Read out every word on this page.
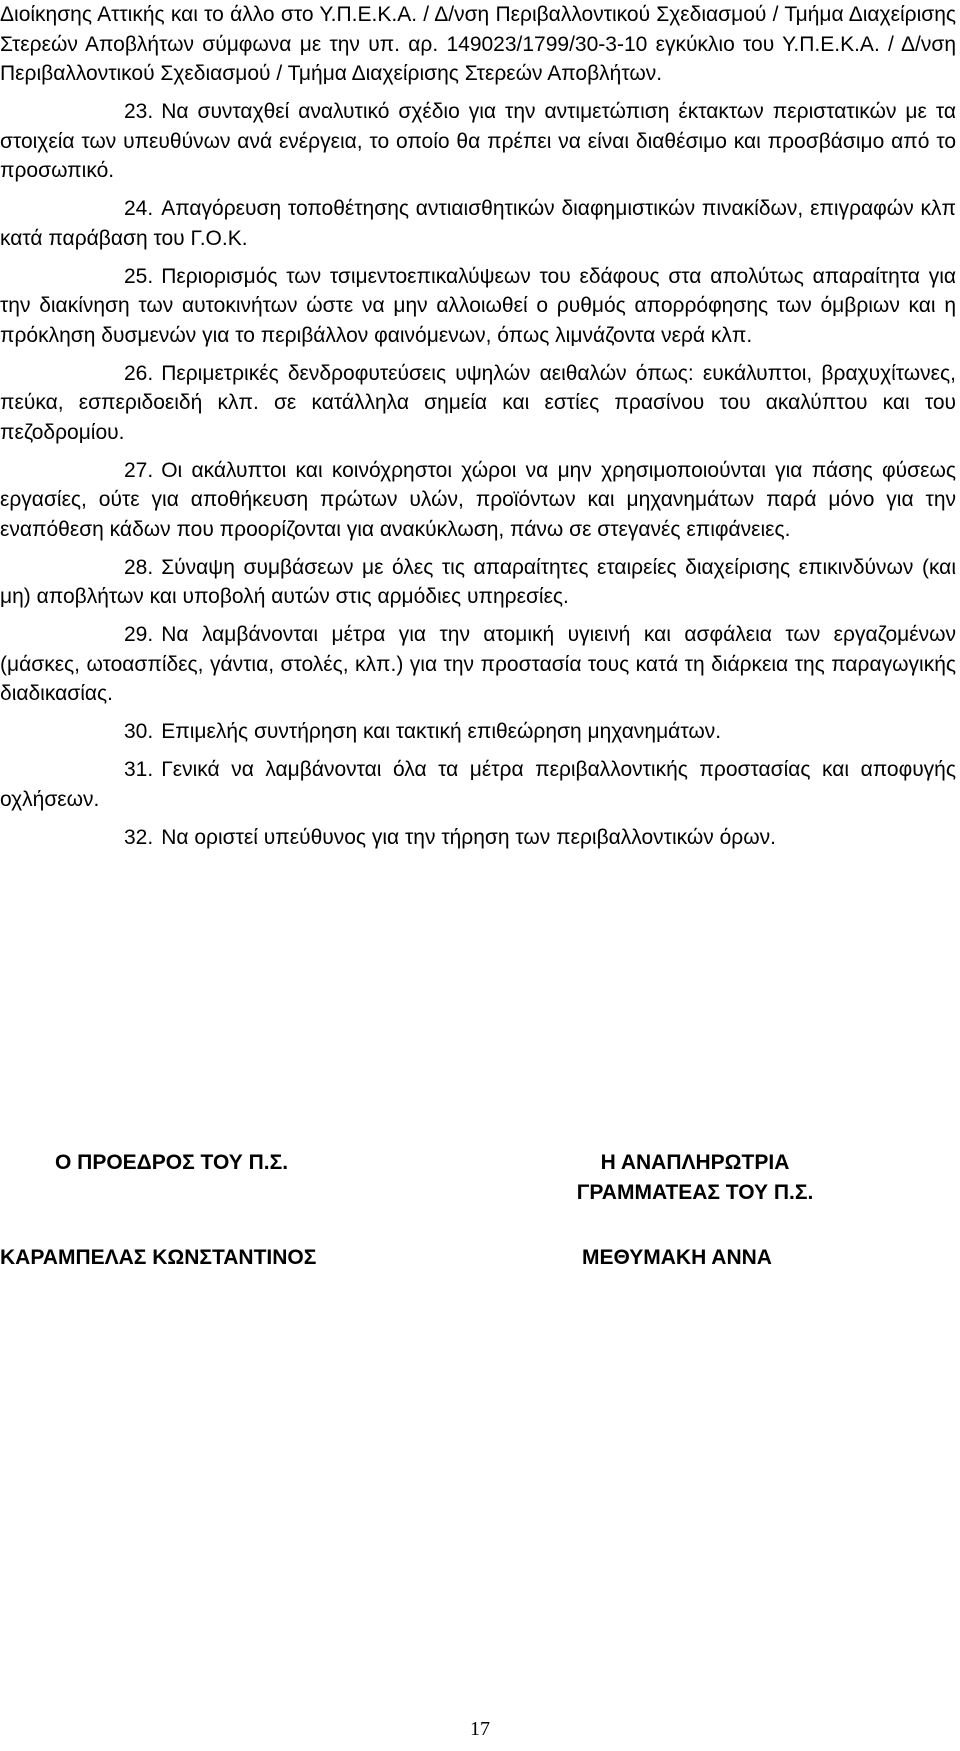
Διοίκησης Αττικής και το άλλο στο Υ.Π.Ε.Κ.Α. / Δ/νση Περιβαλλοντικού Σχεδιασμού / Τμήμα Διαχείρισης Στερεών Αποβλήτων σύμφωνα με την υπ. αρ. 149023/1799/30-3-10 εγκύκλιο του Υ.Π.Ε.Κ.Α. / Δ/νση Περιβαλλοντικού Σχεδιασμού / Τμήμα Διαχείρισης Στερεών Αποβλήτων.

23. Να συνταχθεί αναλυτικό σχέδιο για την αντιμετώπιση έκτακτων περιστατικών με τα στοιχεία των υπευθύνων ανά ενέργεια, το οποίο θα πρέπει να είναι διαθέσιμο και προσβάσιμο από το προσωπικό.

24. Απαγόρευση τοποθέτησης αντιαισθητικών διαφημιστικών πινακίδων, επιγραφών κλπ κατά παράβαση του Γ.Ο.Κ.

25. Περιορισμός των τσιμεντοεπικαλύψεων του εδάφους στα απολύτως απαραίτητα για την διακίνηση των αυτοκινήτων ώστε να μην αλλοιωθεί ο ρυθμός απορρόφησης των όμβριων και η πρόκληση δυσμενών για το περιβάλλον φαινόμενων, όπως λιμνάζοντα νερά κλπ.

26. Περιμετρικές δενδροφυτεύσεις υψηλών αειθαλών όπως: ευκάλυπτοι, βραχυχίτωνες, πεύκα, εσπεριδοειδή κλπ. σε κατάλληλα σημεία και εστίες πρασίνου του ακαλύπτου και του πεζοδρομίου.

27. Οι ακάλυπτοι και κοινόχρηστοι χώροι να μην χρησιμοποιούνται για πάσης φύσεως εργασίες, ούτε για αποθήκευση πρώτων υλών, προϊόντων και μηχανημάτων παρά μόνο για την εναπόθεση κάδων που προορίζονται για ανακύκλωση, πάνω σε στεγανές επιφάνειες.

28. Σύναψη συμβάσεων με όλες τις απαραίτητες εταιρείες διαχείρισης επικινδύνων (και μη) αποβλήτων και υποβολή αυτών στις αρμόδιες υπηρεσίες.

29. Να λαμβάνονται μέτρα για την ατομική υγιεινή και ασφάλεια των εργαζομένων (μάσκες, ωτοασπίδες, γάντια, στολές, κλπ.) για την προστασία τους κατά τη διάρκεια της παραγωγικής διαδικασίας.

30. Επιμελής συντήρηση και τακτική επιθεώρηση μηχανημάτων.

31. Γενικά να λαμβάνονται όλα τα μέτρα περιβαλλοντικής προστασίας και αποφυγής οχλήσεων.

32. Να οριστεί υπεύθυνος για την τήρηση των περιβαλλοντικών όρων.

Ο ΠΡΟΕΔΡΟΣ ΤΟΥ Π.Σ.
ΚΑΡΑΜΠΕΛΑΣ ΚΩΝΣΤΑΝΤΙΝΟΣ
Η ΑΝΑΠΛΗΡΩΤΡΙΑ
ΓΡΑΜΜΑΤΕΑΣ ΤΟΥ Π.Σ.
ΜΕΘΥΜΑΚΗ ΑΝΝΑ
17
